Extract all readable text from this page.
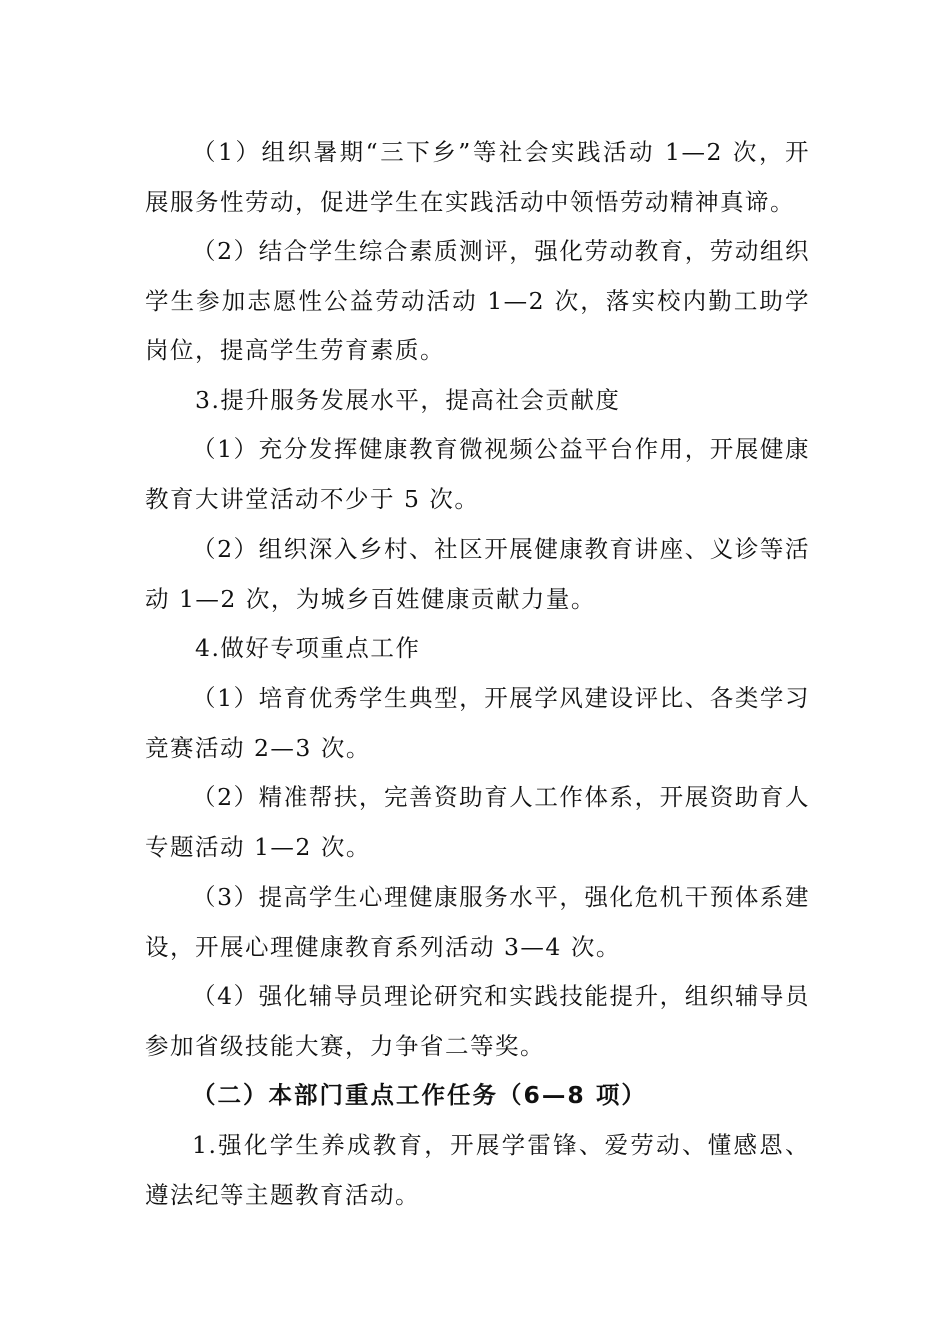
（1）组织暑期“三下乡”等社会实践活动 1—2 次，开展服务性劳动，促进学生在实践活动中领悟劳动精神真谛。

（2）结合学生综合素质测评，强化劳动教育，劳动组织学生参加志愿性公益劳动活动 1—2 次，落实校内勤工助学岗位，提高学生劳育素质。

3.提升服务发展水平，提高社会贡献度

（1）充分发挥健康教育微视频公益平台作用，开展健康教育大讲堂活动不少于 5 次。

（2）组织深入乡村、社区开展健康教育讲座、义诊等活动 1—2 次，为城乡百姓健康贡献力量。

4.做好专项重点工作

（1）培育优秀学生典型，开展学风建设评比、各类学习竞赛活动 2—3 次。

（2）精准帮扶，完善资助育人工作体系，开展资助育人专题活动 1—2 次。

（3）提高学生心理健康服务水平，强化危机干预体系建设，开展心理健康教育系列活动 3—4 次。

（4）强化辅导员理论研究和实践技能提升，组织辅导员参加省级技能大赛，力争省二等奖。

（二）本部门重点工作任务（6—8 项）

1.强化学生养成教育，开展学雷锋、爱劳动、懂感恩、遵法纪等主题教育活动。
